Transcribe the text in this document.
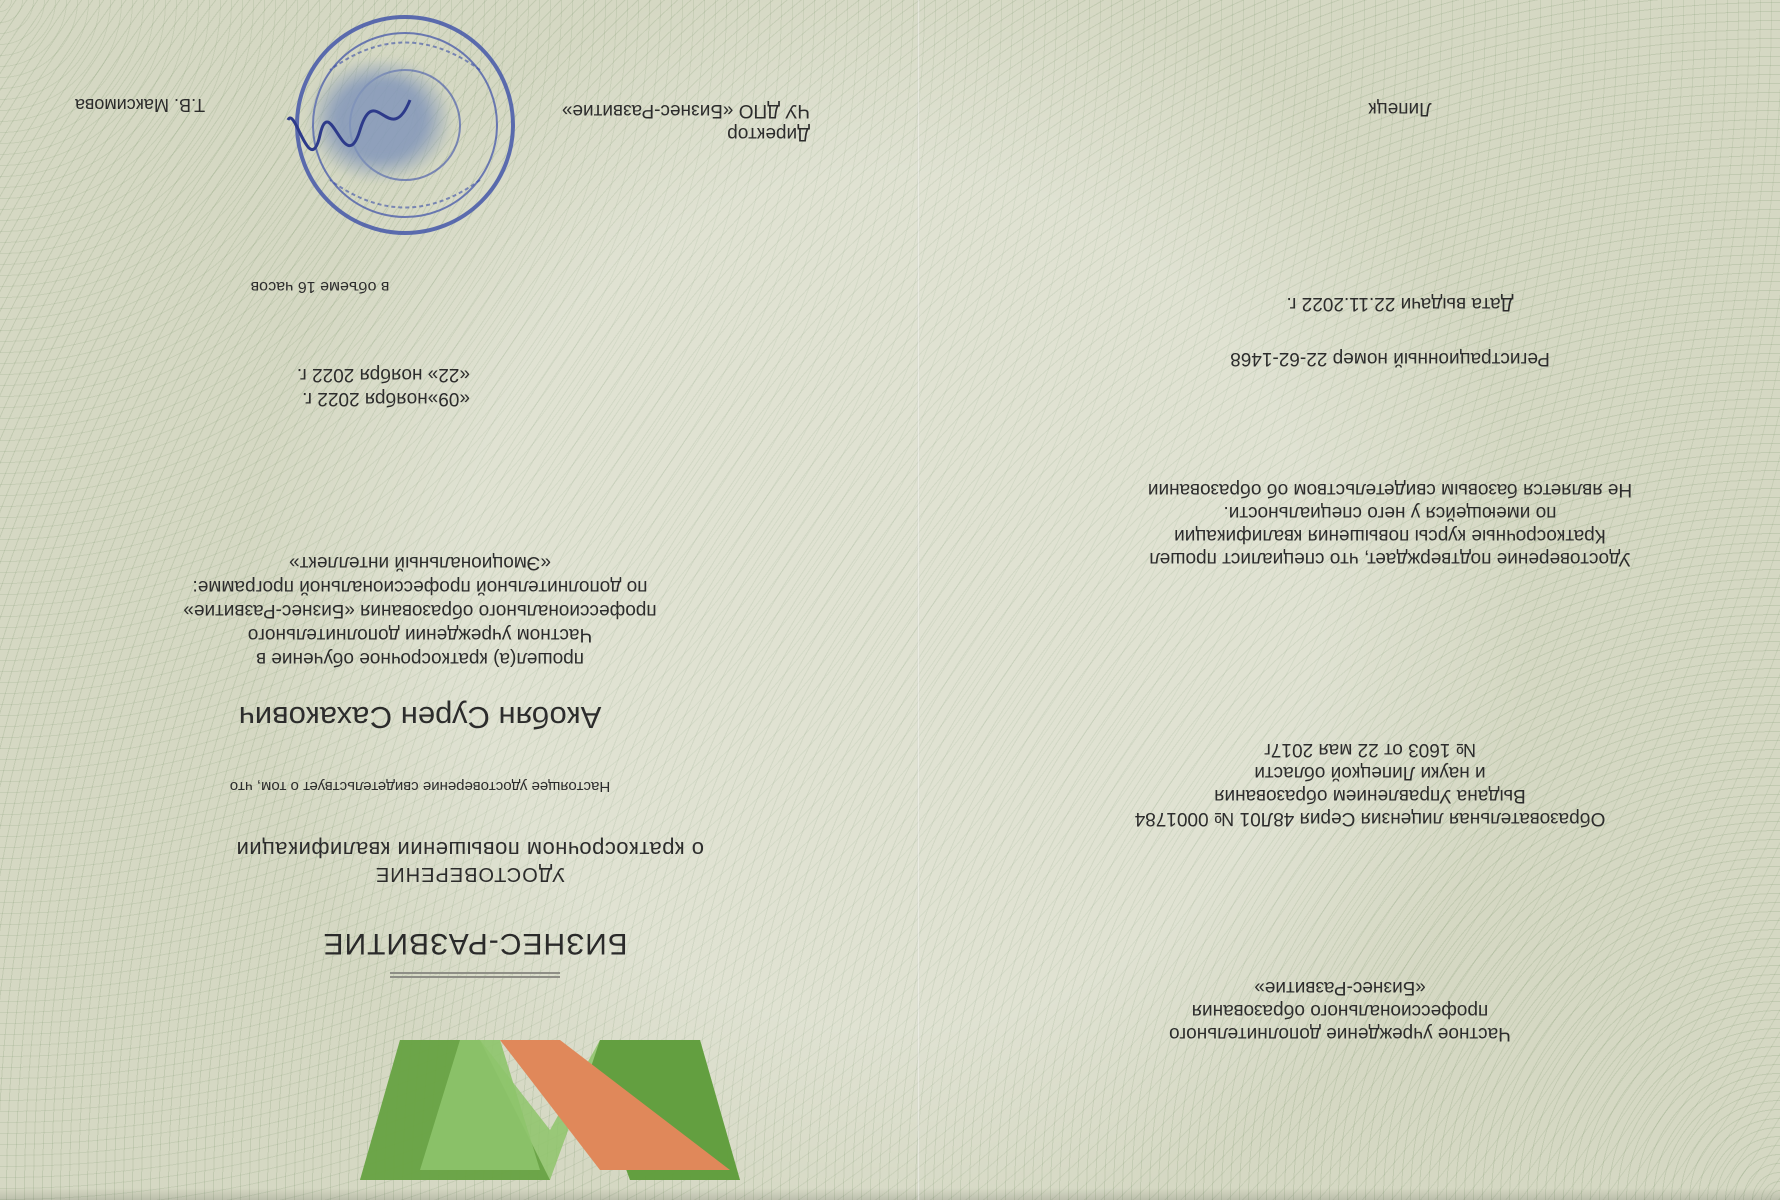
Частное учреждение дополнительного
профессионального образования
«Бизнес-Развитие»
Образовательная лицензия Серия 48Л01 № 0001784
Выдана Управлением образования
и науки Липецкой области
№ 1603 от 22 мая 2017г
Удостоверение подтверждает, что специалист прошел
Краткосрочные курсы повышения квалификации
по имеющейся у него специальности.
Не является базовым свидетельством об образовании
Регистрационный номер 22-62-1468
Дата выдачи 22.11.2022 г.
Липецк
БИЗНЕС-РАЗВИТИЕ
УДОСТОВЕРЕНИЕ
о краткосрочном повышении квалификации
Настоящее удостоверение свидетельствует о том, что
Акобян Сурен Сахакович
прошел(а) краткосрочное обучение в
Частном учреждении дополнительного
профессионального образования «Бизнес-Развитие»
по дополнительной профессиональной программе:
«Эмоциональный интеллект»
«09»ноября 2022 г.
«22» ноября 2022 г.
в объеме 16 часов
Директор
ЧУ ДПО «Бизнес-Развитие»
Т.В. Максимова
